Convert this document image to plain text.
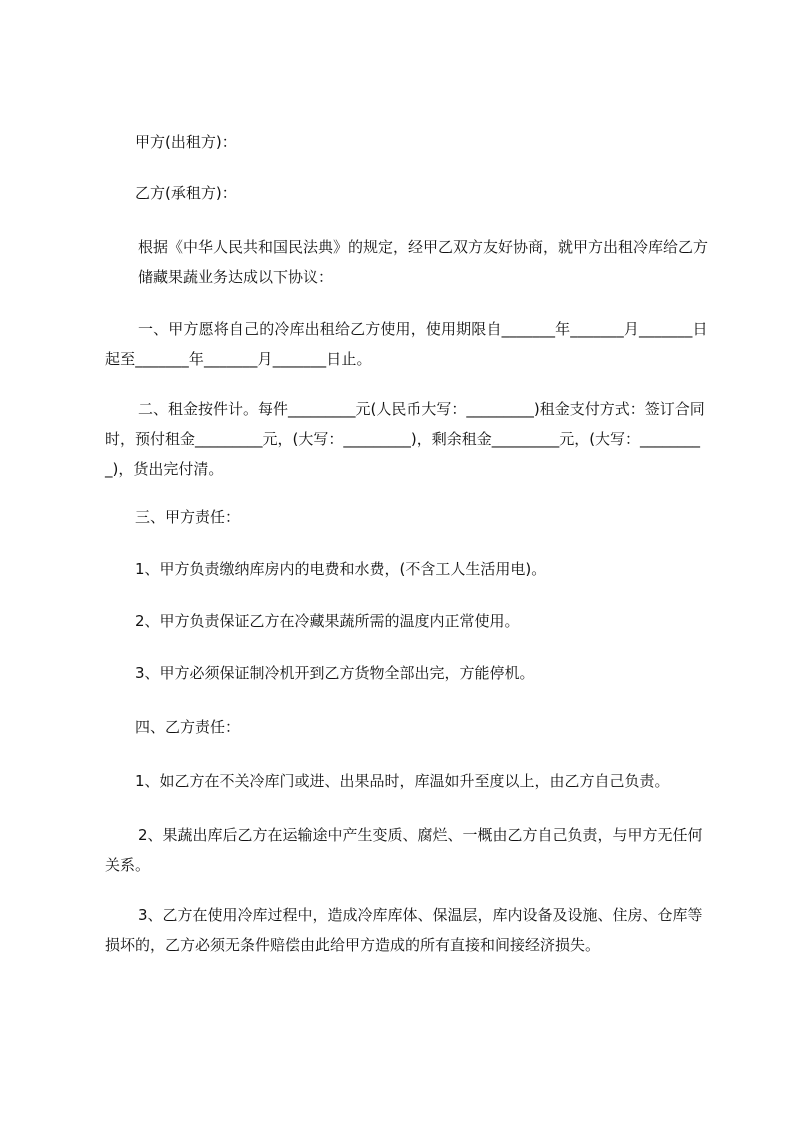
甲方(出租方)：

乙方(承租方)：

根据《中华人民共和国民法典》的规定，经甲乙双方友好协商，就甲方出租冷库给乙方储藏果蔬业务达成以下协议：

一、甲方愿将自己的冷库出租给乙方使用，使用期限自_______年_______月_______日起至_______年_______月_______日止。

二、租金按件计。每件_________元(人民币大写：_________)租金支付方式：签订合同时，预付租金_________元，(大写：_________)，剩余租金_________元，(大写：_________)，货出完付清。

三、甲方责任：

1、甲方负责缴纳库房内的电费和水费，(不含工人生活用电)。

2、甲方负责保证乙方在冷藏果蔬所需的温度内正常使用。

3、甲方必须保证制冷机开到乙方货物全部出完，方能停机。

四、乙方责任：

1、如乙方在不关冷库门或进、出果品时，库温如升至度以上，由乙方自己负责。

2、果蔬出库后乙方在运输途中产生变质、腐烂、一概由乙方自己负责，与甲方无任何关系。

3、乙方在使用冷库过程中，造成冷库库体、保温层，库内设备及设施、住房、仓库等损坏的，乙方必须无条件赔偿由此给甲方造成的所有直接和间接经济损失。
